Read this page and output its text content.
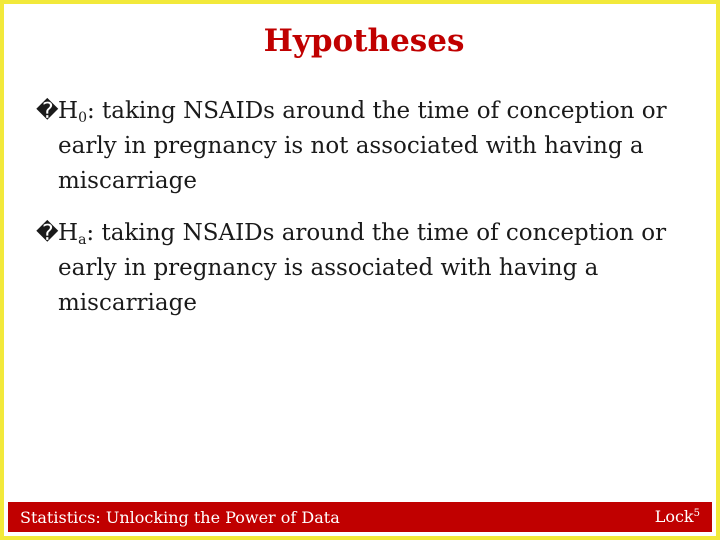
Hypotheses
� $H_0$: taking NSAIDs around the time of conception or early in pregnancy is not associated with having a miscarriage
� $H_a$: taking NSAIDs around the time of conception or early in pregnancy is associated with having a miscarriage
Statistics: Unlocking the Power of Data	Lock$^5$
